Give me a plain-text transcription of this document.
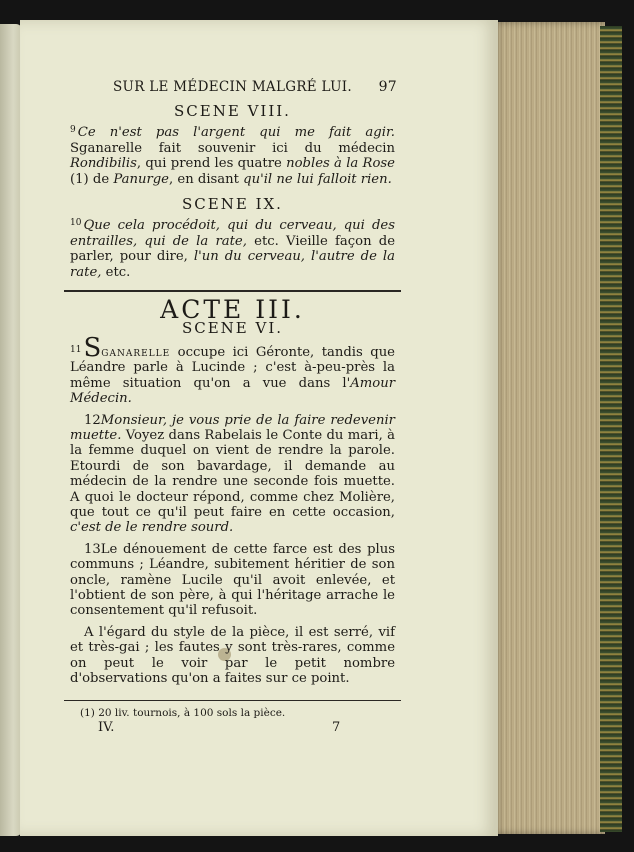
SUR LE MÉDECIN MALGRÉ LUI. 97
SCENE VIII.

$^9$ Ce n'est pas l'argent qui me fait agir. Sganarelle fait souvenir ici du médecin Rondibilis, qui prend les quatre nobles à la Rose (1) de Panurge, en disant qu'il ne lui falloit rien.

SCENE IX.

$^{10}$ Que cela procédoit, qui du cerveau, qui des entrailles, qui de la rate, etc. Vieille façon de parler, pour dire, l'un du cerveau, l'autre de la rate, etc.

ACTE III.
SCENE VI.

$^{11}$Sganarelle occupe ici Géronte, tandis que Léandre parle à Lucinde ; c'est à-peu-près la même situation qu'on a vue dans l'Amour Médecin.

12Monsieur, je vous prie de la faire redevenir muette. Voyez dans Rabelais le Conte du mari, à la femme duquel on vient de rendre la parole. Etourdi de son bavardage, il demande au médecin de la rendre une seconde fois muette. A quoi le docteur répond, comme chez Molière, que tout ce qu'il peut faire en cette occasion, c'est de le rendre sourd.

13Le dénouement de cette farce est des plus communs ; Léandre, subitement héritier de son oncle, ramène Lucile qu'il avoit enlevée, et l'obtient de son père, à qui l'héritage arrache le consentement qu'il refusoit.

A l'égard du style de la pièce, il est serré, vif et très-gai ; les fautes y sont très-rares, comme on peut le voir par le petit nombre d'observations qu'on a faites sur ce point.

(1) 20 liv. tournois, à 100 sols la pièce.
IV.	7
